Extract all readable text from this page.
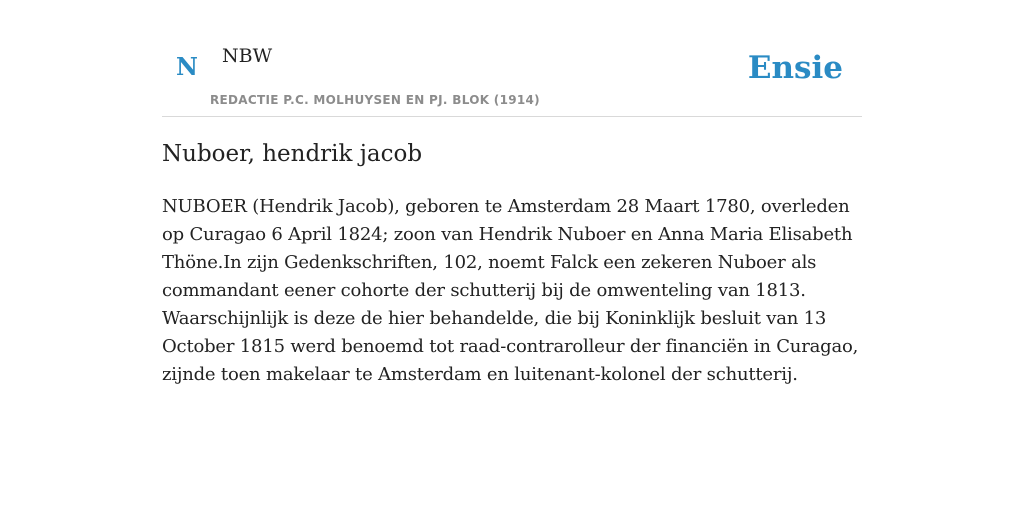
N NBW
REDACTIE P.C. MOLHUYSEN EN PJ. BLOK (1914)
Ensie
Nuboer, hendrik jacob

NUBOER (Hendrik Jacob), geboren te Amsterdam 28 Maart 1780, overleden op Curagao 6 April 1824; zoon van Hendrik Nuboer en Anna Maria Elisabeth Thöne.In zijn Gedenkschriften, 102, noemt Falck een zekeren Nuboer als commandant eener cohorte der schutterij bij de omwenteling van 1813. Waarschijnlijk is deze de hier behandelde, die bij Koninklijk besluit van 13 October 1815 werd benoemd tot raad-contrarolleur der financiën in Curagao, zijnde toen makelaar te Amsterdam en luitenant-kolonel der schutterij.
